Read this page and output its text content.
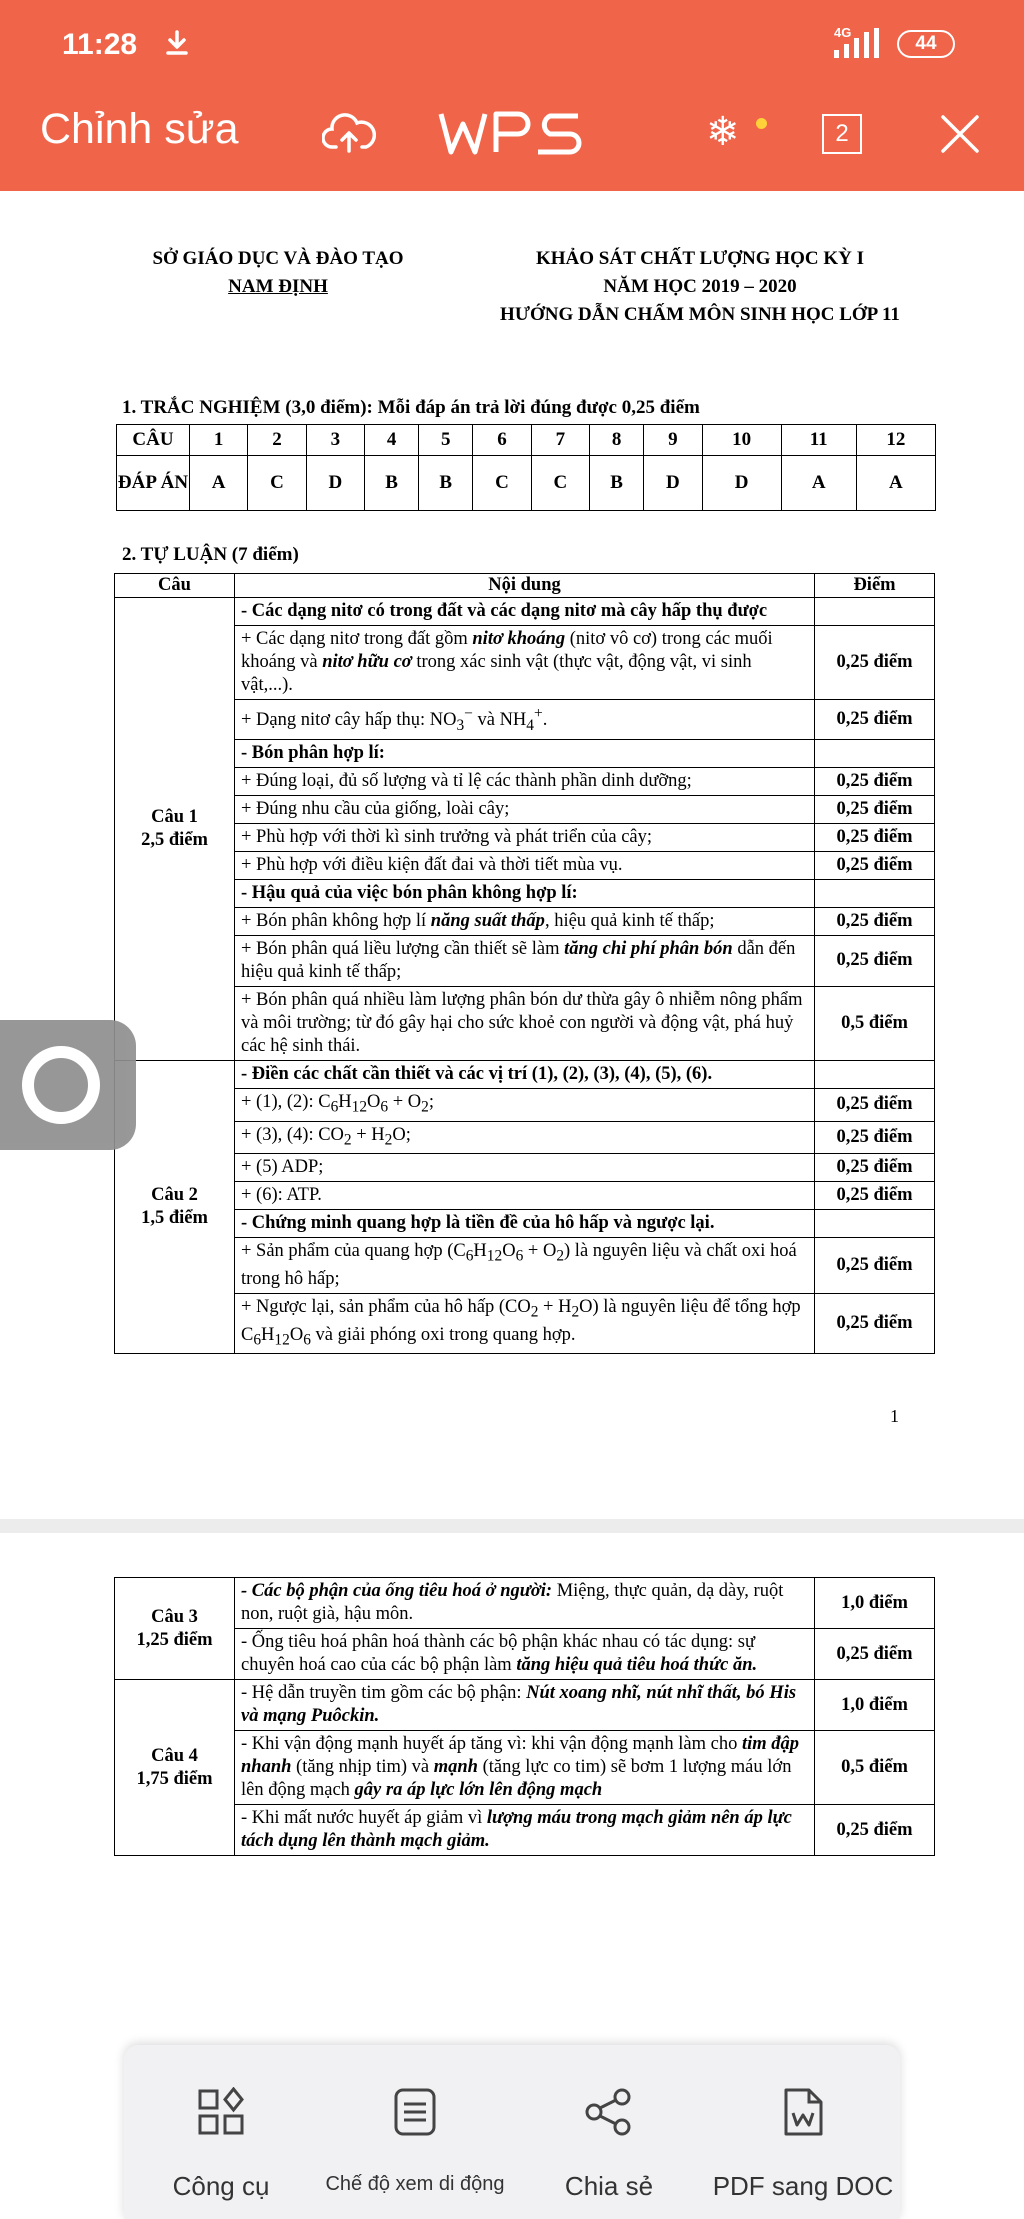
11:28	4G
44
Chỉnh sửa	❄	2
SỞ GIÁO DỤC VÀ ĐÀO TẠO
NAM ĐỊNH
KHẢO SÁT CHẤT LƯỢNG HỌC KỲ I
NĂM HỌC 2019 – 2020
HƯỚNG DẪN CHẤM MÔN SINH HỌC LỚP 11
1. TRẮC NGHIỆM (3,0 điểm): Mỗi đáp án trả lời đúng được 0,25 điểm
CÂU	1	2	3	4	5	6	7	8	9	10	11	12
ĐÁP ÁN	A	C	D	B	B	C	C	B	D	D	A	A
2. TỰ LUẬN (7 điểm)
Câu	Nội dung	Điểm

Câu 1
2,5 điểm	- Các dạng nitơ có trong đất và các dạng nitơ mà cây hấp thụ được	
	+ Các dạng nitơ trong đất gồm nitơ khoáng (nitơ vô cơ) trong các muối khoáng và nitơ hữu cơ trong xác sinh vật (thực vật, động vật, vi sinh vật,...).	0,25 điểm
	+ Dạng nitơ cây hấp thụ: $NO_3^-$ và $NH_4^+$.	0,25 điểm
	- Bón phân hợp lí:	
	+ Đúng loại, đủ số lượng và tỉ lệ các thành phần dinh dưỡng;	0,25 điểm
	+ Đúng nhu cầu của giống, loài cây;	0,25 điểm
	+ Phù hợp với thời kì sinh trưởng và phát triển của cây;	0,25 điểm
	+ Phù hợp với điều kiện đất đai và thời tiết mùa vụ.	0,25 điểm
	- Hậu quả của việc bón phân không hợp lí:	
	+ Bón phân không hợp lí năng suất thấp, hiệu quả kinh tế thấp;	0,25 điểm
	+ Bón phân quá liều lượng cần thiết sẽ làm tăng chi phí phân bón dẫn đến hiệu quả kinh tế thấp;	0,25 điểm
	+ Bón phân quá nhiều làm lượng phân bón dư thừa gây ô nhiễm nông phẩm và môi trường; từ đó gây hại cho sức khoẻ con người và động vật, phá huỷ các hệ sinh thái.	0,5 điểm

Câu 2
1,5 điểm	- Điền các chất cần thiết và các vị trí (1), (2), (3), (4), (5), (6).	
	+ (1), (2): $C_6H_{12}O_6 + O_2$;	0,25 điểm
	+ (3), (4): $CO_2 + H_2O$;	0,25 điểm
	+ (5) ADP;	0,25 điểm
	+ (6): ATP.	0,25 điểm
	- Chứng minh quang hợp là tiền đề của hô hấp và ngược lại.	
	+ Sản phẩm của quang hợp $(C_6H_{12}O_6 + O_2)$ là nguyên liệu và chất oxi hoá trong hô hấp;	0,25 điểm
	+ Ngược lại, sản phẩm của hô hấp $(CO_2 + H_2O)$ là nguyên liệu để tổng hợp $C_6H_{12}O_6$ và giải phóng oxi trong quang hợp.	0,25 điểm
1
Câu 3
1,25 điểm	- Các bộ phận của ống tiêu hoá ở người: Miệng, thực quản, dạ dày, ruột non, ruột già, hậu môn.	1,0 điểm
	- Ống tiêu hoá phân hoá thành các bộ phận khác nhau có tác dụng: sự chuyên hoá cao của các bộ phận làm tăng hiệu quả tiêu hoá thức ăn.	0,25 điểm

Câu 4
1,75 điểm	- Hệ dẫn truyền tim gồm các bộ phận: Nút xoang nhĩ, nút nhĩ thất, bó His và mạng Puôckin.	1,0 điểm
	- Khi vận động mạnh huyết áp tăng vì: khi vận động mạnh làm cho tim đập nhanh (tăng nhịp tim) và mạnh (tăng lực co tim) sẽ bơm 1 lượng máu lớn lên động mạch gây ra áp lực lớn lên động mạch	0,5 điểm
	- Khi mất nước huyết áp giảm vì lượng máu trong mạch giảm nên áp lực tách dụng lên thành mạch giảm.	0,25 điểm
Công cụ	Chế độ xem di động	Chia sẻ	PDF sang DOC
